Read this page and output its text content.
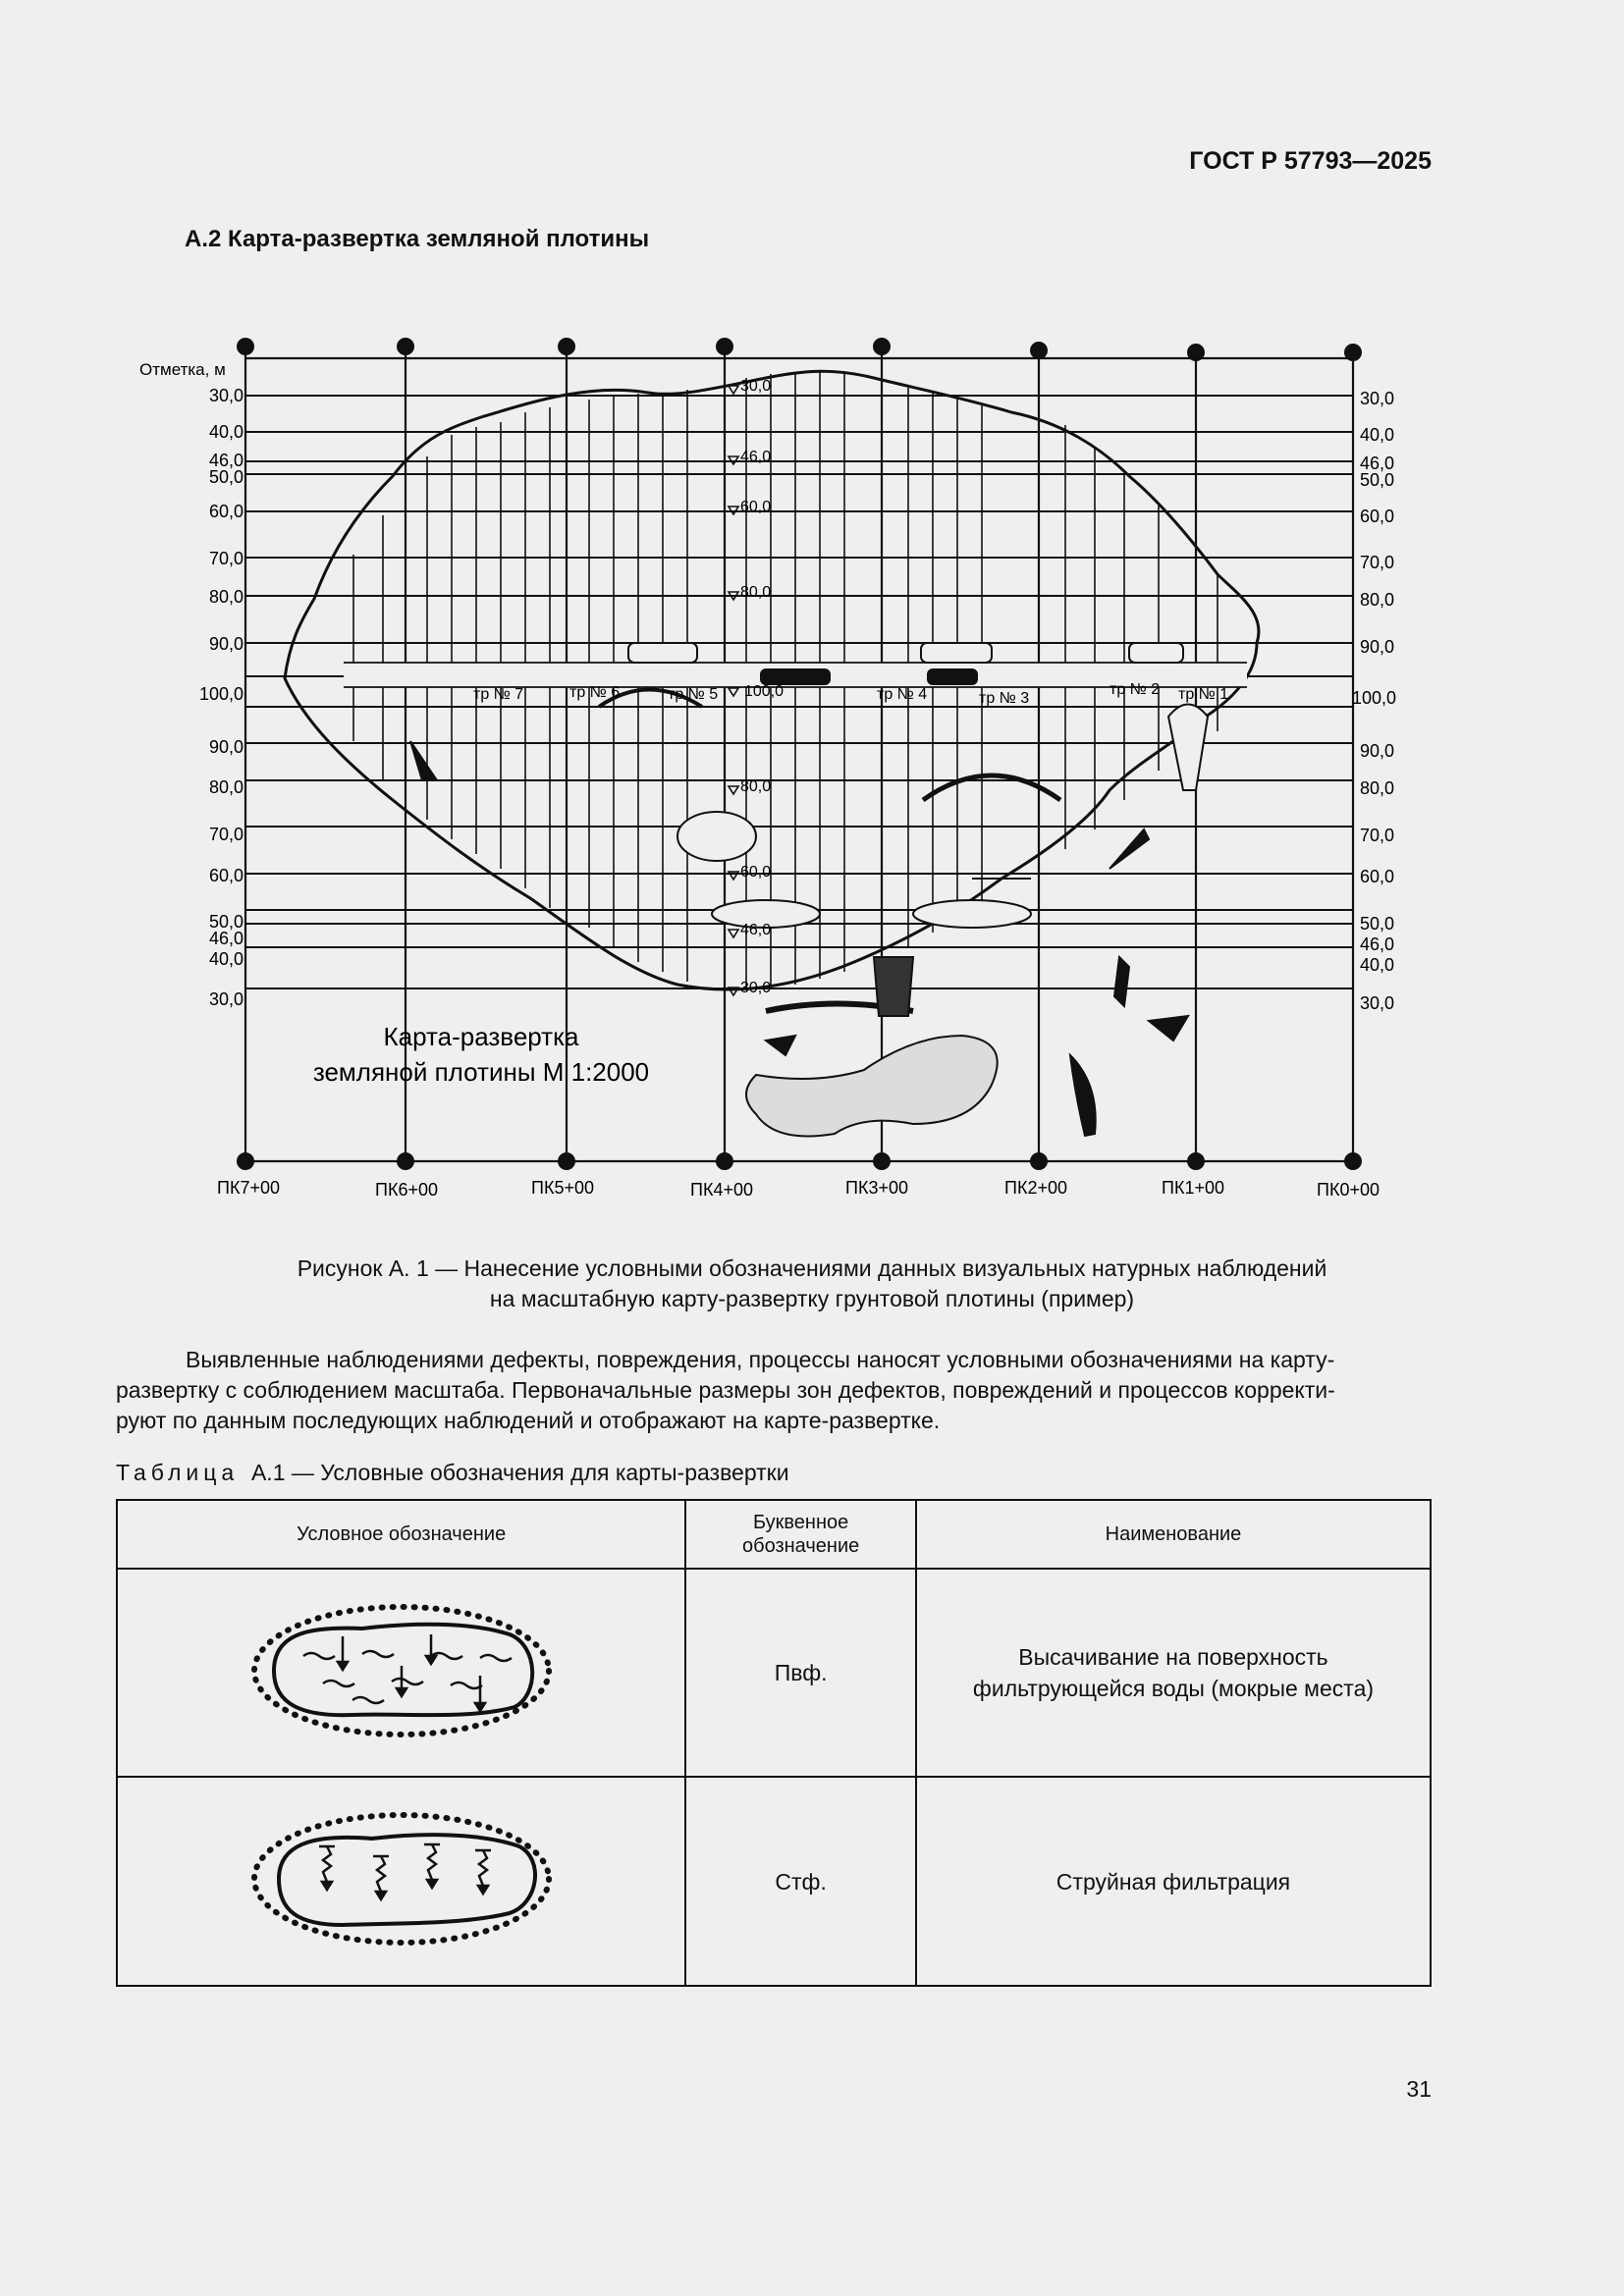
ГОСТ Р 57793—2025
А.2 Карта-развертка земляной плотины
Отметка, м
30,0
40,0
46,0
50,0
60,0
70,0
80,0
90,0
100,0
90,0
80,0
70,0
60,0
50,0
46,0
40,0
30,0
30,0
40,0
46,0
50,0
60,0
70,0
80,0
90,0
100,0
90,0
80,0
70,0
60,0
50,0
46,0
40,0
30,0
30,0
46,0
60,0
80,0
100,0
80,0
60,0
46,0
30,0
тр № 7	тр № 6	тр № 5	тр № 4	тр № 3
тр № 2 тр № 1
Карта-развертка
земляной плотины М 1:2000
ПК7+00	ПК6+00	ПК5+00	ПК4+00	ПК3+00	ПК2+00	ПК1+00	ПК0+00
Рисунок А. 1 — Нанесение условными обозначениями данных визуальных натурных наблюдений
на масштабную карту-развертку грунтовой плотины (пример)
Выявленные наблюдениями дефекты, повреждения, процессы наносят условными обозначениями на карту-
развертку с соблюдением масштаба. Первоначальные размеры зон дефектов, повреждений и процессов корректи-
руют по данным последующих наблюдений и отображают на карте-развертке.
Таблица А.1 — Условные обозначения для карты-развертки
Условное обозначение	Буквенное
обозначение	Наименование
	Пвф.	Высачивание на поверхность
фильтрующейся воды (мокрые места)

	Стф.	Струйная фильтрация
31
